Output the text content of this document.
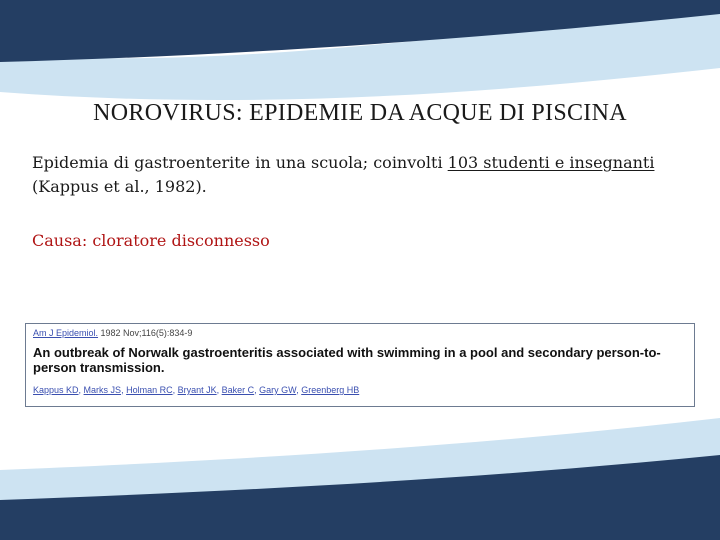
NOROVIRUS: EPIDEMIE DA ACQUE DI PISCINA
Epidemia di gastroenterite in una scuola; coinvolti 103 studenti e insegnanti (Kappus et al., 1982).
Causa: cloratore disconnesso
Am J Epidemiol. 1982 Nov;116(5):834-9
An outbreak of Norwalk gastroenteritis associated with swimming in a pool and secondary person-to-person transmission.
Kappus KD, Marks JS, Holman RC, Bryant JK, Baker C, Gary GW, Greenberg HB
